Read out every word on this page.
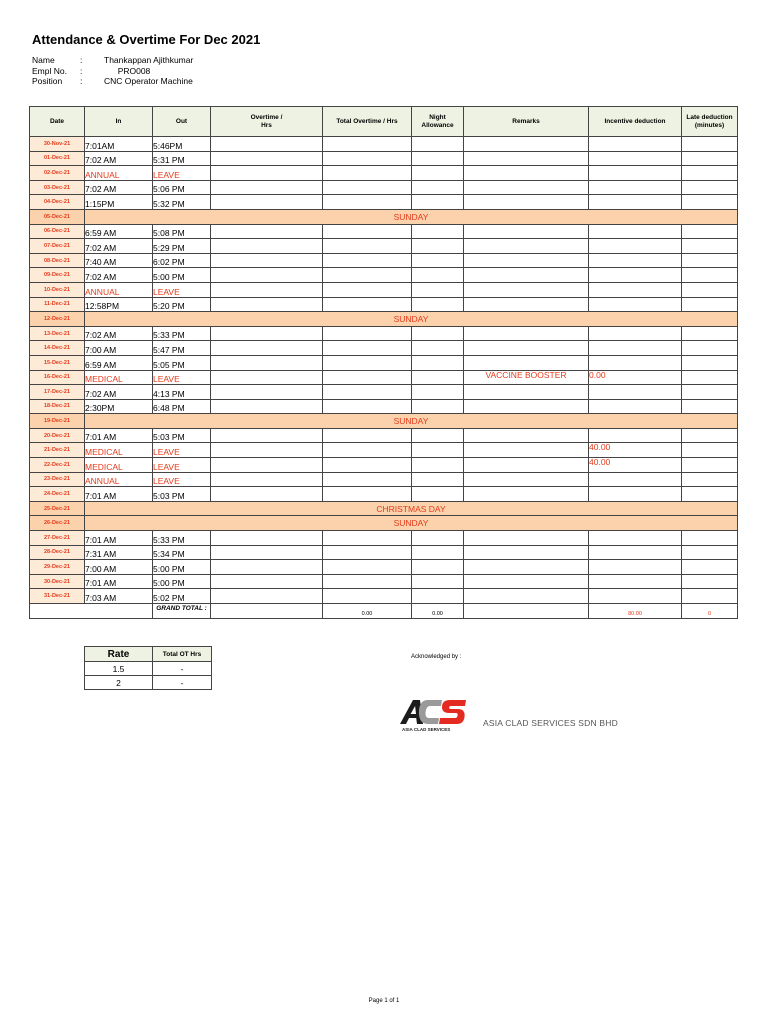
Attendance & Overtime For Dec 2021
Name	:	Thankappan Ajithkumar
Empl No.	:	PRO008
Position	:	CNC Operator Machine
Date	In	Out	Overtime /
Hrs	Total Overtime / Hrs	Night
Allowance	Remarks	Incentive deduction	Late deduction
(minutes)
30-Nov-21	7:01AM	5:46PM						
01-Dec-21	7:02 AM	5:31 PM						
02-Dec-21	ANNUAL	LEAVE						
03-Dec-21	7:02 AM	5:06 PM						
04-Dec-21	1:15PM	5:32 PM						
05-Dec-21	SUNDAY							
06-Dec-21	6:59 AM	5:08 PM						
07-Dec-21	7:02 AM	5:29 PM						
08-Dec-21	7:40 AM	6:02 PM						
09-Dec-21	7:02 AM	5:00 PM						
10-Dec-21	ANNUAL	LEAVE						
11-Dec-21	12:58PM	5:20 PM						
12-Dec-21	SUNDAY							
13-Dec-21	7:02 AM	5:33 PM						
14-Dec-21	7:00 AM	5:47 PM						
15-Dec-21	6:59 AM	5:05 PM						
16-Dec-21	MEDICAL	LEAVE				VACCINE BOOSTER	0.00	
17-Dec-21	7:02 AM	4:13 PM						
18-Dec-21	2:30PM	6:48 PM						
19-Dec-21	SUNDAY							
20-Dec-21	7:01 AM	5:03 PM						
21-Dec-21	MEDICAL	LEAVE					40.00	
22-Dec-21	MEDICAL	LEAVE					40.00	
23-Dec-21	ANNUAL	LEAVE						
24-Dec-21	7:01 AM	5:03 PM						
25-Dec-21	CHRISTMAS DAY							
26-Dec-21	SUNDAY							
27-Dec-21	7:01 AM	5:33 PM						
28-Dec-21	7:31 AM	5:34 PM						
29-Dec-21	7:00 AM	5:00 PM						
30-Dec-21	7:01 AM	5:00 PM						
31-Dec-21	7:03 AM	5:02 PM						
		GRAND TOTAL :		0.00	0.00		80.00	0
Rate	Total OT Hrs
1.5	-
2	-
Acknowledged by :
ASIA CLAD SERVICES
ASIA CLAD SERVICES SDN BHD
Page 1 of 1
